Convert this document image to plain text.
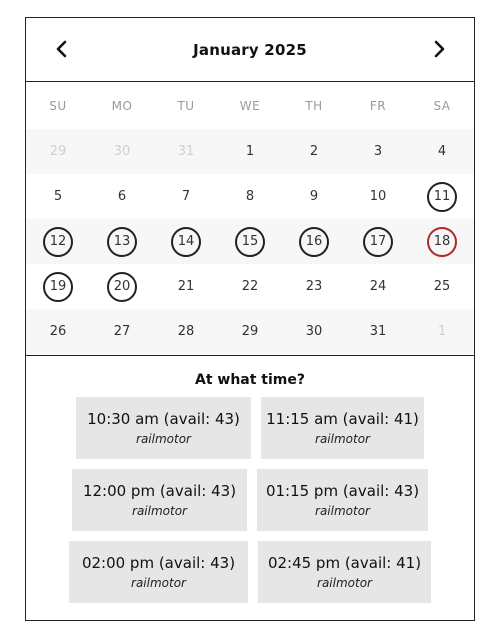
January 2025
SU	MO	TU	WE	TH	FR	SA
29	30	31	1	2	3	4
5	6	7	8	9	10	11
12	13	14	15	16	17	18
19	20	21	22	23	24	25
26	27	28	29	30	31	1
At what time?
10:30 am (avail: 43)
railmotor
11:15 am (avail: 41)
railmotor
12:00 pm (avail: 43)
railmotor
01:15 pm (avail: 43)
railmotor
02:00 pm (avail: 43)
railmotor
02:45 pm (avail: 41)
railmotor
